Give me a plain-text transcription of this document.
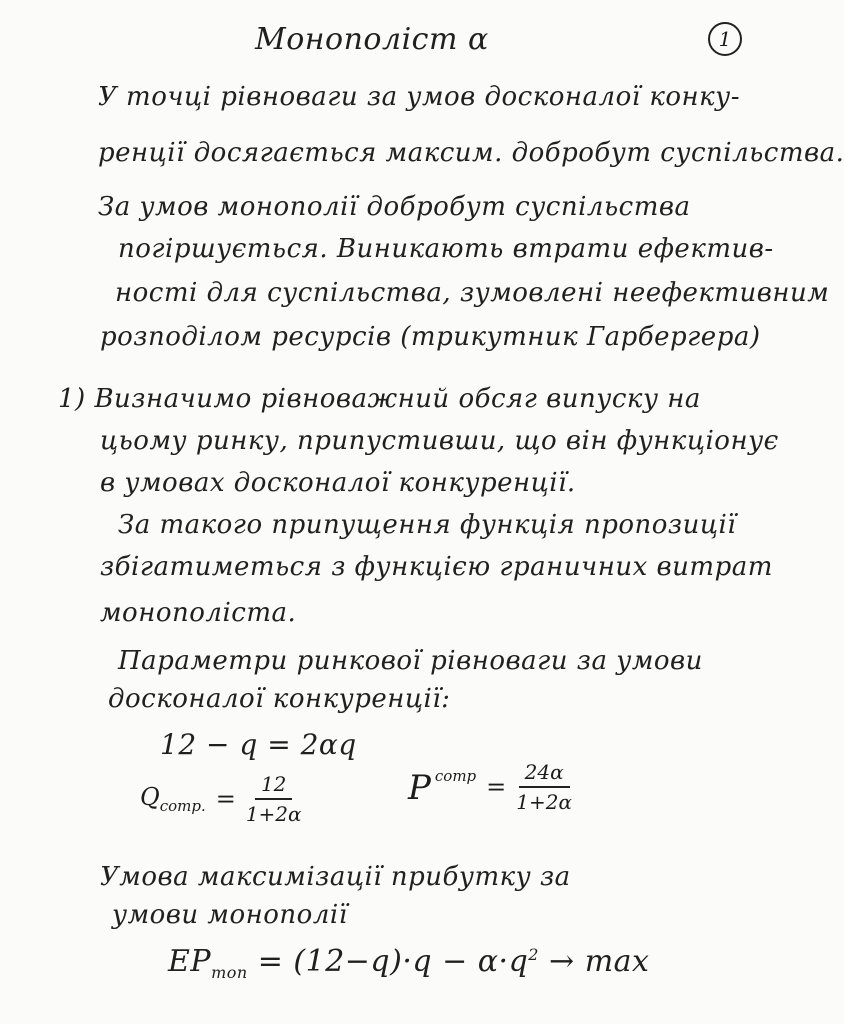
Монополіст α	1
У точці рівноваги за умов досконалої конку-
ренції досягається максим. добробут суспільства.
За умов монополії добробут суспільства
погіршується. Виникають втрати ефектив-
ності для суспільства, зумовлені неефективним
розподілом ресурсів (трикутник Гарбергера)
1) Визначимо рівноважний обсяг випуску на
цьому ринку, припустивши, що він функціонує
в умовах досконалої конкуренції.
За такого припущення функція пропозиції
збігатиметься з функцією граничних витрат
монополіста.
Параметри ринкової рівноваги за умови
досконалої конкуренції:
12 − q = 2αq
$Q_{comp.} = \frac{12}{1+2\alpha}$	P $^{comp} = \frac{24\alpha}{1+2\alpha}$
Умова максимізації прибутку за
умови монополії
$EP_{mon} = (12-q)\cdot q - \alpha\cdot q^2 \to \max$
